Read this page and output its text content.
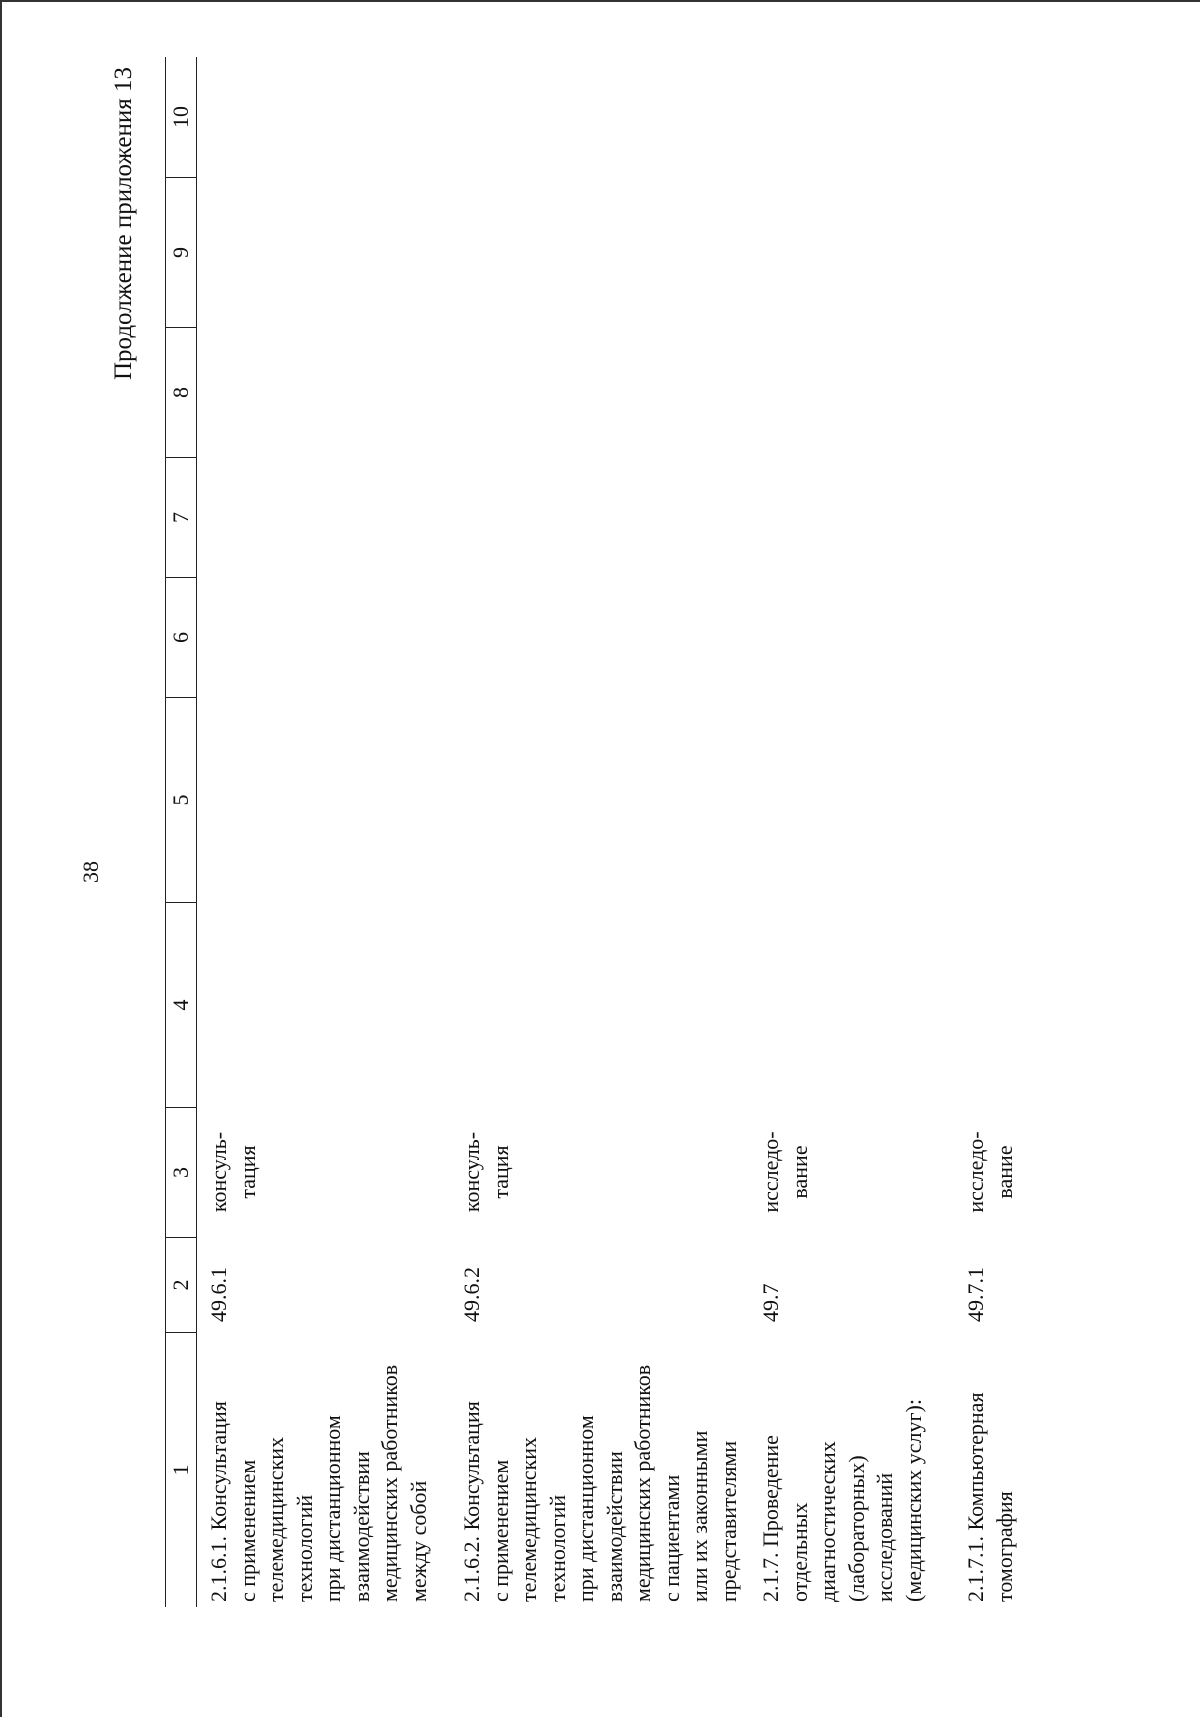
38
Продолжение приложения 13
1
2
3
4
5
6
7
8
9
10
2.1.6.1. Консультация
с применением
телемедицинских
технологий
при дистанционном
взаимодействии
медицинских работников
между собой
49.6.1
консуль-
тация
2.1.6.2. Консультация
с применением
телемедицинских
технологий
при дистанционном
взаимодействии
медицинских работников
с пациентами
или их законными
представителями
49.6.2
консуль-
тация
2.1.7. Проведение
отдельных
диагностических
(лабораторных)
исследований
(медицинских услуг):
49.7
исследо-
вание
2.1.7.1. Компьютерная
томография
49.7.1
исследо-
вание
